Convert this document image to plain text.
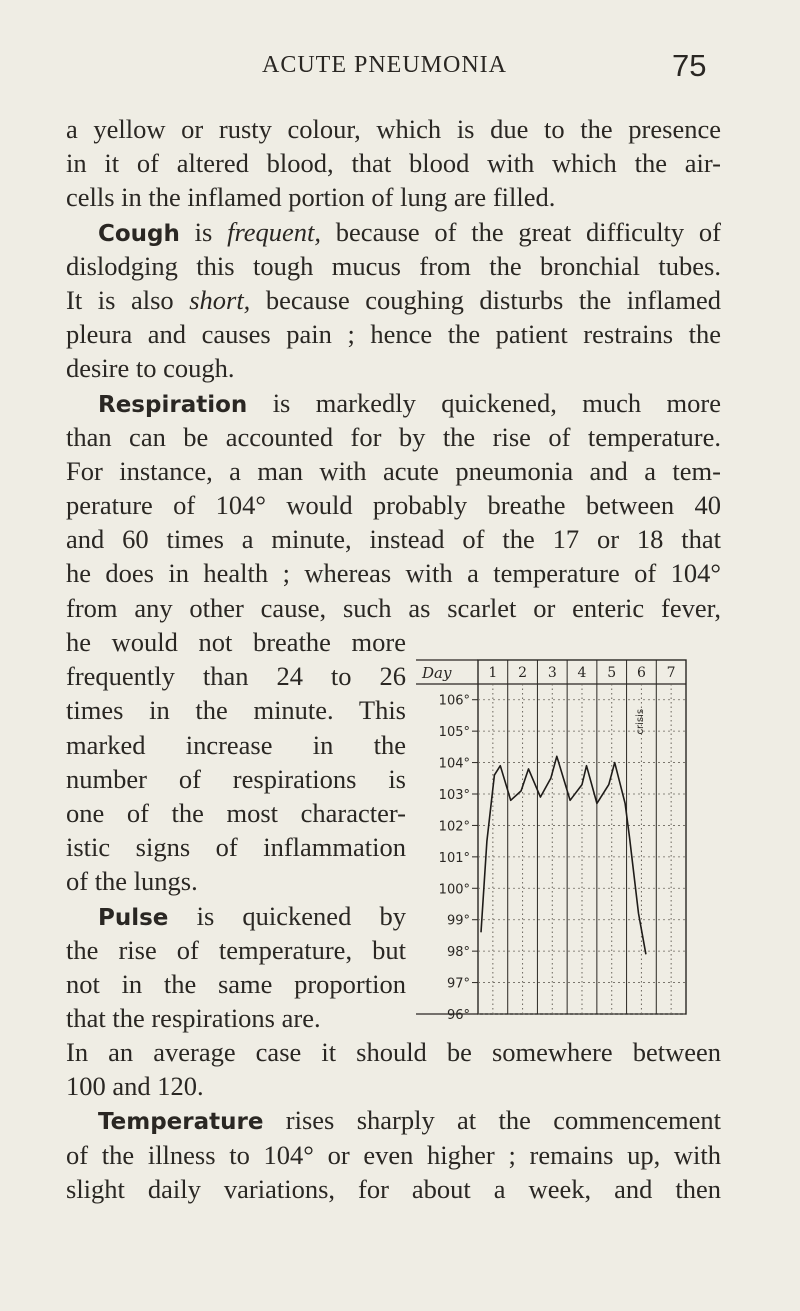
ACUTE PNEUMONIA	75
a yellow or rusty colour, which is due to the presence
in it of altered blood, that blood with which the air-
cells in the inflamed portion of lung are filled.
Cough is frequent, because of the great difficulty of
dislodging this tough mucus from the bronchial tubes.
It is also short, because coughing disturbs the inflamed
pleura and causes pain ; hence the patient restrains the
desire to cough.
Respiration is markedly quickened, much more
than can be accounted for by the rise of temperature.
For instance, a man with acute pneumonia and a tem-
perature of 104° would probably breathe between 40
and 60 times a minute, instead of the 17 or 18 that
he does in health ; whereas with a temperature of 104°
from any other cause, such as scarlet or enteric fever,
he would not breathe more
frequently than 24 to 26
times in the minute. This
marked increase in the
number of respirations is
one of the most character-
istic signs of inflammation
of the lungs.
Pulse is quickened by
the rise of temperature, but
not in the same proportion
that the respirations are.
In an average case it should be somewhere between
100 and 120.
Temperature rises sharply at the commencement
of the illness to 104° or even higher ; remains up, with
slight daily variations, for about a week, and then
Day	1 2 3 4 5 6 7
106°
105°
104°
103°
102°
101°
100°
99°
98°
97°
96°
crisis
